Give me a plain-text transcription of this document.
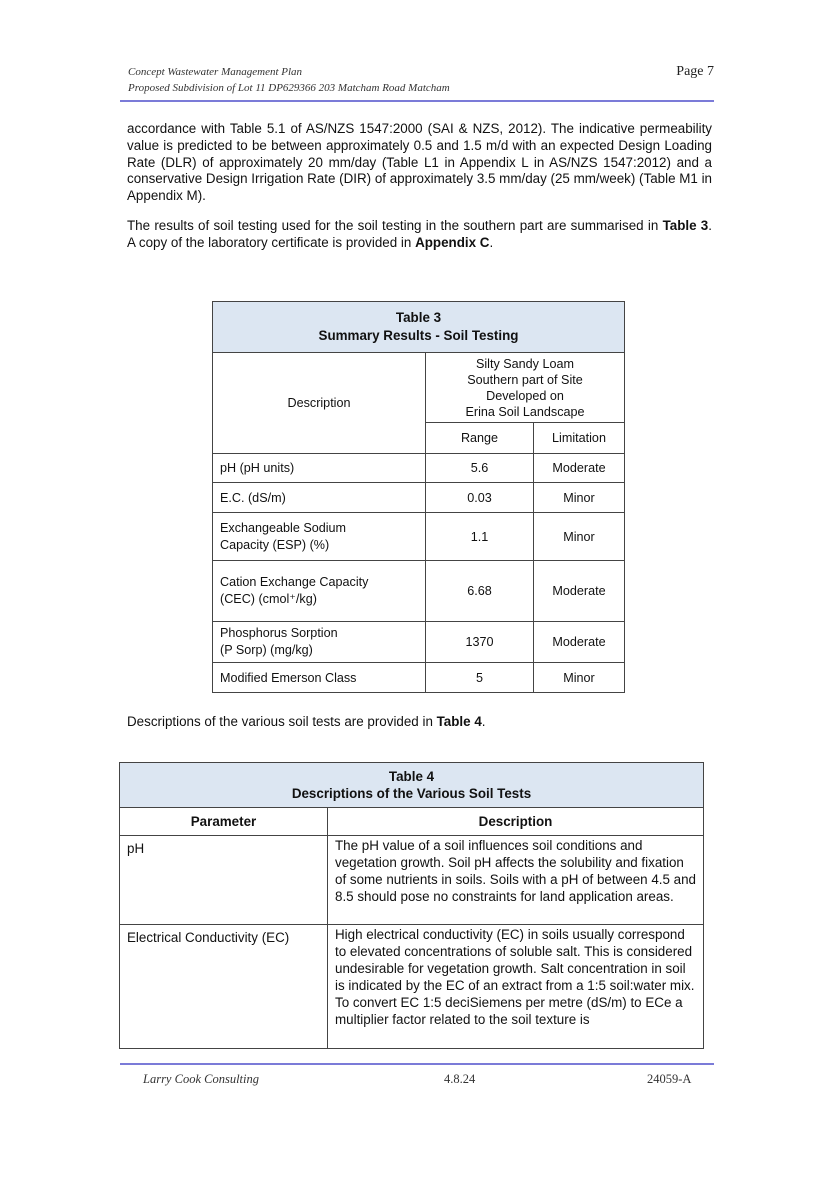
Concept Wastewater Management Plan
Proposed Subdivision of Lot 11 DP629366 203 Matcham Road Matcham
Page 7
accordance with Table 5.1 of AS/NZS 1547:2000 (SAI & NZS, 2012). The indicative permeability value is predicted to be between approximately 0.5 and 1.5 m/d with an expected Design Loading Rate (DLR) of approximately 20 mm/day (Table L1 in Appendix L in AS/NZS 1547:2012) and a conservative Design Irrigation Rate (DIR) of approximately 3.5 mm/day (25 mm/week) (Table M1 in Appendix M).
The results of soil testing used for the soil testing in the southern part are summarised in Table 3. A copy of the laboratory certificate is provided in Appendix C.
Table 3
Summary Results - Soil Testing		

Description	Silty Sandy Loam
Southern part of Site
Developed on
Erina Soil Landscape	

	Range	Limitation
pH (pH units)	5.6	Moderate
E.C. (dS/m)	0.03	Minor

Exchangeable Sodium
Capacity (ESP) (%)	1.1	Minor

Cation Exchange Capacity
(CEC) (cmol⁺/kg)	6.68	Moderate

Phosphorus Sorption
(P Sorp) (mg/kg)	1370	Moderate
Modified Emerson Class	5	Minor
Descriptions of the various soil tests are provided in Table 4.
Table 4
Descriptions of the Various Soil Tests	

Parameter	Description
pH	The pH value of a soil influences soil conditions and vegetation growth. Soil pH affects the solubility and fixation of some nutrients in soils. Soils with a pH of between 4.5 and 8.5 should pose no constraints for land application areas.
Electrical Conductivity (EC)	High electrical conductivity (EC) in soils usually correspond to elevated concentrations of soluble salt. This is considered undesirable for vegetation growth. Salt concentration in soil is indicated by the EC of an extract from a 1:5 soil:water mix. To convert EC 1:5 deciSiemens per metre (dS/m) to ECe a multiplier factor related to the soil texture is
Larry Cook Consulting	4.8.24	24059-A
